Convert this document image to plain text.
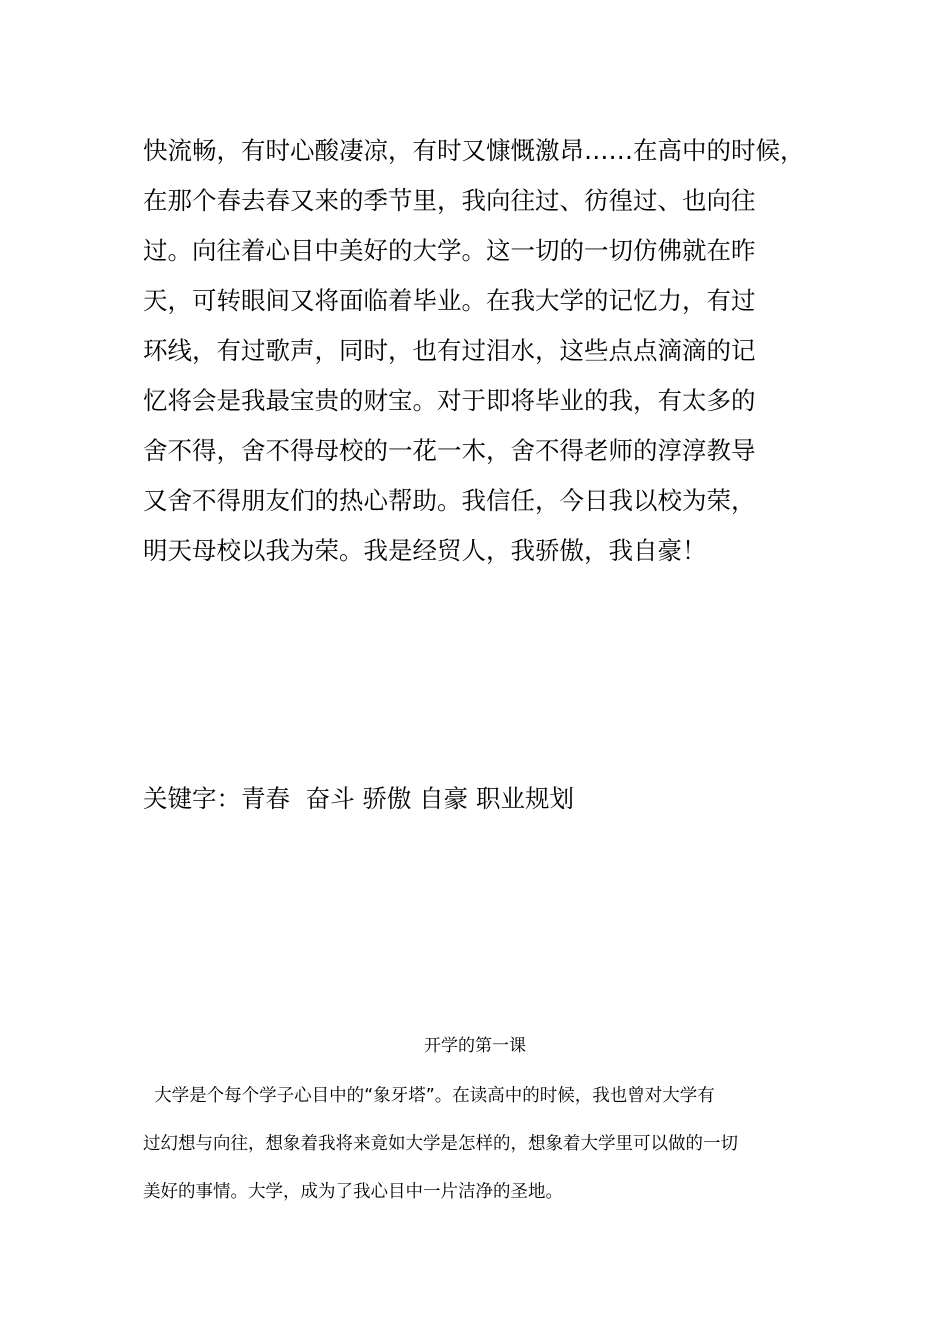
快流畅，有时心酸凄凉，有时又慷慨激昂……在高中的时候，
在那个春去春又来的季节里，我向往过、彷徨过、也向往
过。向往着心目中美好的大学。这一切的一切仿佛就在昨
天，可转眼间又将面临着毕业。在我大学的记忆力，有过
环线，有过歌声，同时，也有过泪水，这些点点滴滴的记
忆将会是我最宝贵的财宝。对于即将毕业的我，有太多的
舍不得，舍不得母校的一花一木，舍不得老师的淳淳教导
又舍不得朋友们的热心帮助。我信任，今日我以校为荣，
明天母校以我为荣。我是经贸人，我骄傲，我自豪！
关键字：青春  奋斗 骄傲 自豪 职业规划
开学的第一课
大学是个每个学子心目中的“象牙塔”。在读高中的时候，我也曾对大学有
过幻想与向往，想象着我将来竟如大学是怎样的，想象着大学里可以做的一切
美好的事情。大学，成为了我心目中一片洁净的圣地。
